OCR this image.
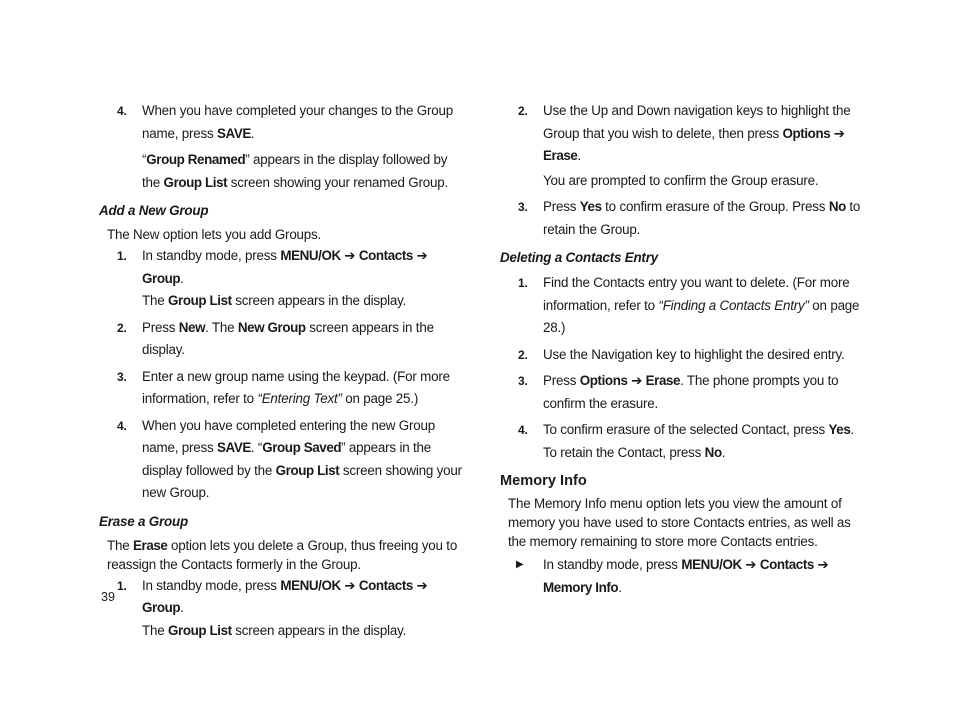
4. When you have completed your changes to the Group name, press SAVE.
“Group Renamed” appears in the display followed by the Group List screen showing your renamed Group.
Add a New Group
The New option lets you add Groups.
1. In standby mode, press MENU/OK ➔ Contacts ➔ Group.
The Group List screen appears in the display.
2. Press New. The New Group screen appears in the display.
3. Enter a new group name using the keypad. (For more information, refer to “Entering Text” on page 25.)
4. When you have completed entering the new Group name, press SAVE. “Group Saved” appears in the display followed by the Group List screen showing your new Group.
Erase a Group
The Erase option lets you delete a Group, thus freeing you to reassign the Contacts formerly in the Group.
1. In standby mode, press MENU/OK ➔ Contacts ➔ Group.
The Group List screen appears in the display.
2. Use the Up and Down navigation keys to highlight the Group that you wish to delete, then press Options ➔ Erase.
You are prompted to confirm the Group erasure.
3. Press Yes to confirm erasure of the Group. Press No to retain the Group.
Deleting a Contacts Entry
1. Find the Contacts entry you want to delete. (For more information, refer to “Finding a Contacts Entry” on page 28.)
2. Use the Navigation key to highlight the desired entry.
3. Press Options ➔ Erase. The phone prompts you to confirm the erasure.
4. To confirm erasure of the selected Contact, press Yes. To retain the Contact, press No.
Memory Info
The Memory Info menu option lets you view the amount of memory you have used to store Contacts entries, as well as the memory remaining to store more Contacts entries.
▶ In standby mode, press MENU/OK ➔ Contacts ➔ Memory Info.
39
